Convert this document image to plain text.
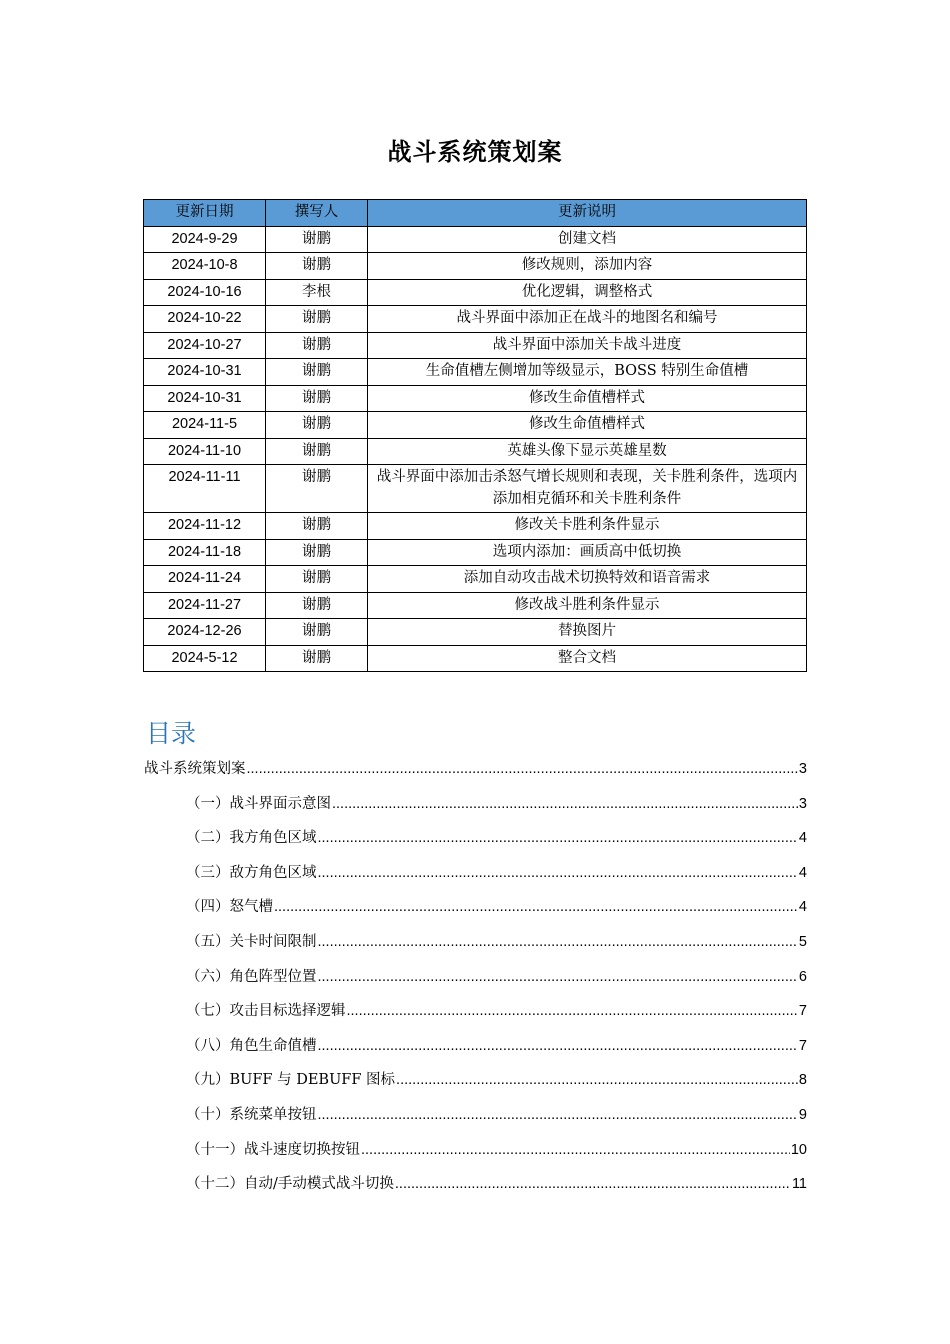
战斗系统策划案
更新日期	撰写人	更新说明
2024-9-29	谢鹏	创建文档
2024-10-8	谢鹏	修改规则，添加内容
2024-10-16	李根	优化逻辑，调整格式
2024-10-22	谢鹏	战斗界面中添加正在战斗的地图名和编号
2024-10-27	谢鹏	战斗界面中添加关卡战斗进度
2024-10-31	谢鹏	生命值槽左侧增加等级显示，BOSS 特别生命值槽
2024-10-31	谢鹏	修改生命值槽样式
2024-11-5	谢鹏	修改生命值槽样式
2024-11-10	谢鹏	英雄头像下显示英雄星数
2024-11-11	谢鹏	战斗界面中添加击杀怒气增长规则和表现，关卡胜利条件，选项内添加相克循环和关卡胜利条件
2024-11-12	谢鹏	修改关卡胜利条件显示
2024-11-18	谢鹏	选项内添加：画质高中低切换
2024-11-24	谢鹏	添加自动攻击战术切换特效和语音需求
2024-11-27	谢鹏	修改战斗胜利条件显示
2024-12-26	谢鹏	替换图片
2024-5-12	谢鹏	整合文档
目录
战斗系统策划案 .....	3
（一）战斗界面示意图 .....	3
（二）我方角色区域 .....	4
（三）敌方角色区域 .....	4
（四）怒气槽 .....	4
（五）关卡时间限制 .....	5
（六）角色阵型位置 .....	6
（七）攻击目标选择逻辑 .....	7
（八）角色生命值槽 .....	7
（九）BUFF 与 DEBUFF 图标 .....	8
（十）系统菜单按钮 .....	9
（十一）战斗速度切换按钮 .....	10
（十二）自动/手动模式战斗切换 .....	11
